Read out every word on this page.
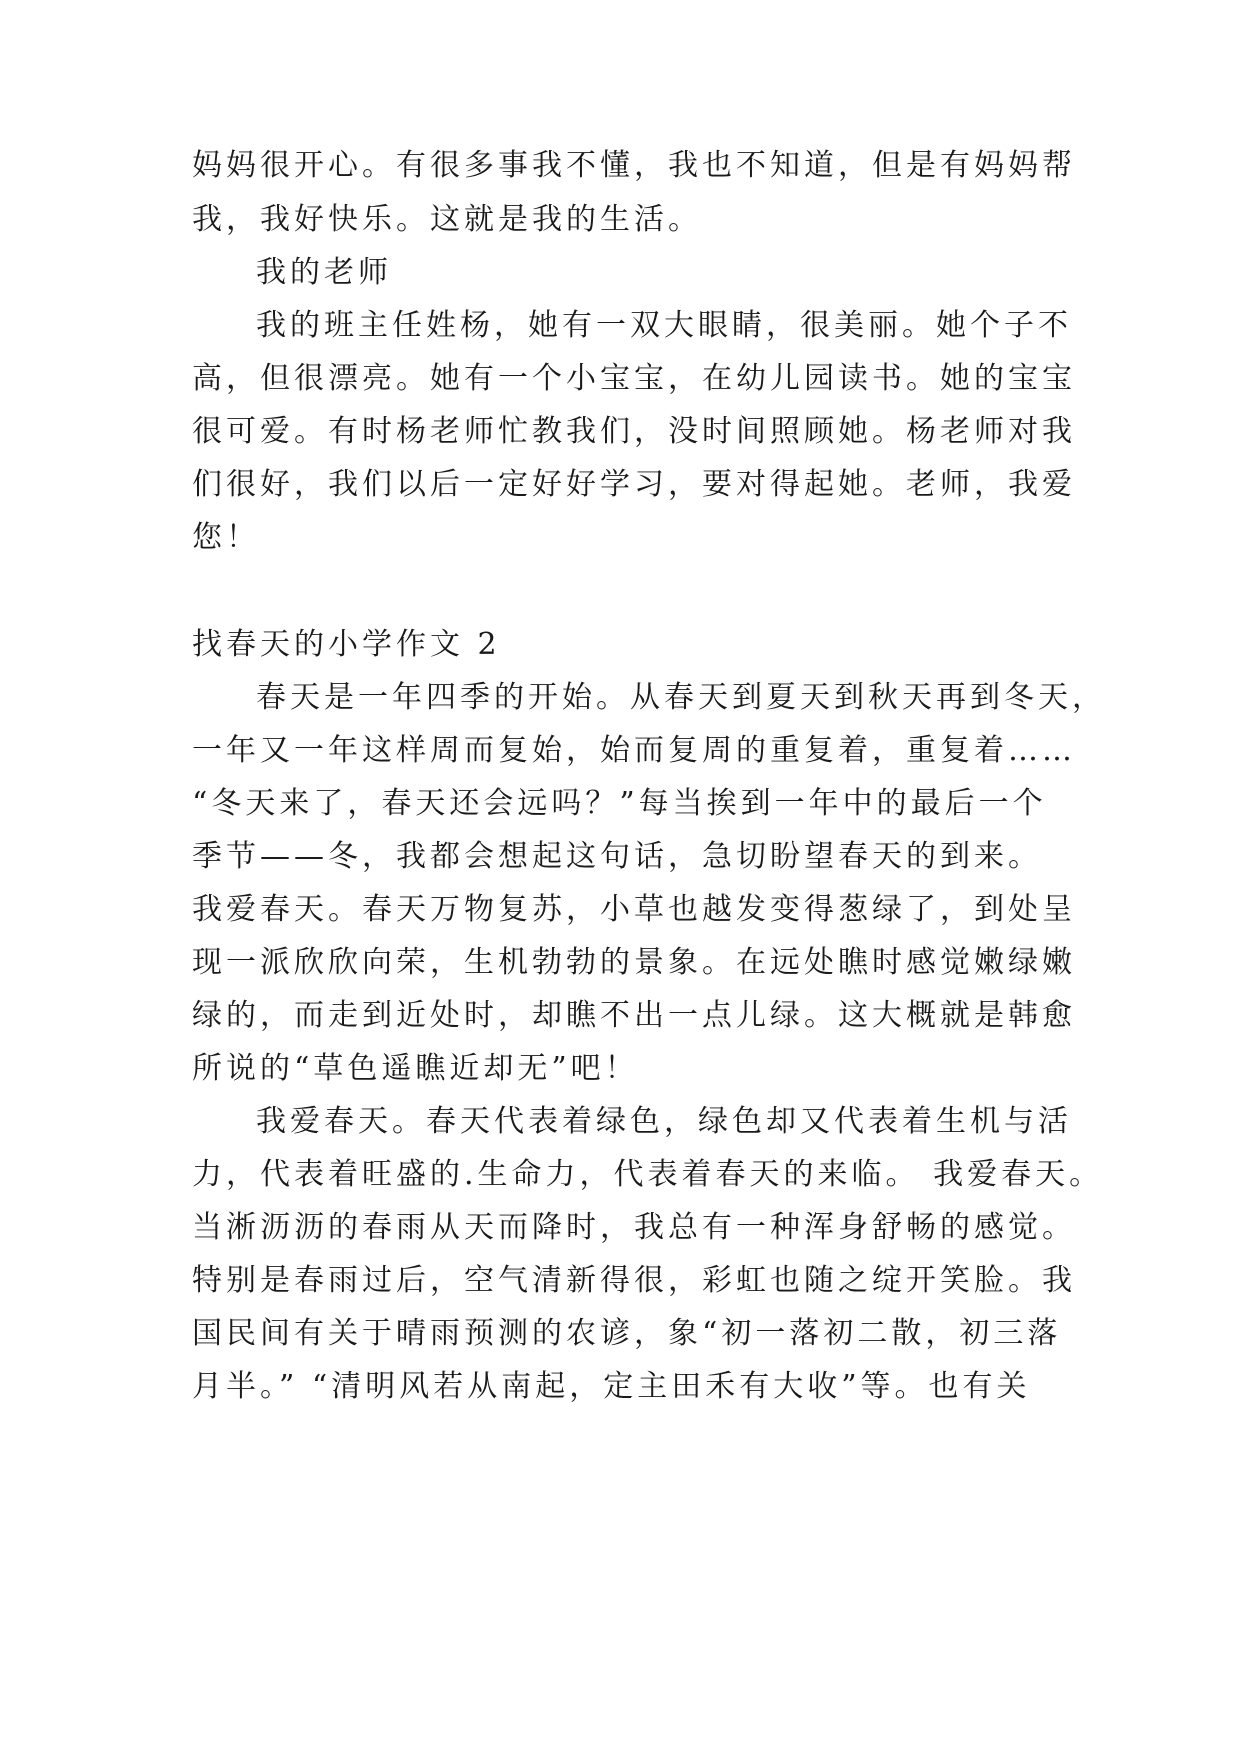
妈妈很开心。有很多事我不懂，我也不知道，但是有妈妈帮
我，我好快乐。这就是我的生活。
我的老师
我的班主任姓杨，她有一双大眼睛，很美丽。她个子不
高，但很漂亮。她有一个小宝宝，在幼儿园读书。她的宝宝
很可爱。有时杨老师忙教我们，没时间照顾她。杨老师对我
们很好，我们以后一定好好学习，要对得起她。老师，我爱
您！
找春天的小学作文 2
春天是一年四季的开始。从春天到夏天到秋天再到冬天，
一年又一年这样周而复始，始而复周的重复着，重复着……
“冬天来了，春天还会远吗？”每当挨到一年中的最后一个
季节——冬，我都会想起这句话，急切盼望春天的到来。
我爱春天。春天万物复苏，小草也越发变得葱绿了，到处呈
现一派欣欣向荣，生机勃勃的景象。在远处瞧时感觉嫩绿嫩
绿的，而走到近处时，却瞧不出一点儿绿。这大概就是韩愈
所说的“草色遥瞧近却无”吧！
我爱春天。春天代表着绿色，绿色却又代表着生机与活
力，代表着旺盛的.生命力，代表着春天的来临。 我爱春天。
当淅沥沥的春雨从天而降时，我总有一种浑身舒畅的感觉。
特别是春雨过后，空气清新得很，彩虹也随之绽开笑脸。我
国民间有关于晴雨预测的农谚，象“初一落初二散，初三落
月半。” “清明风若从南起，定主田禾有大收”等。也有关
